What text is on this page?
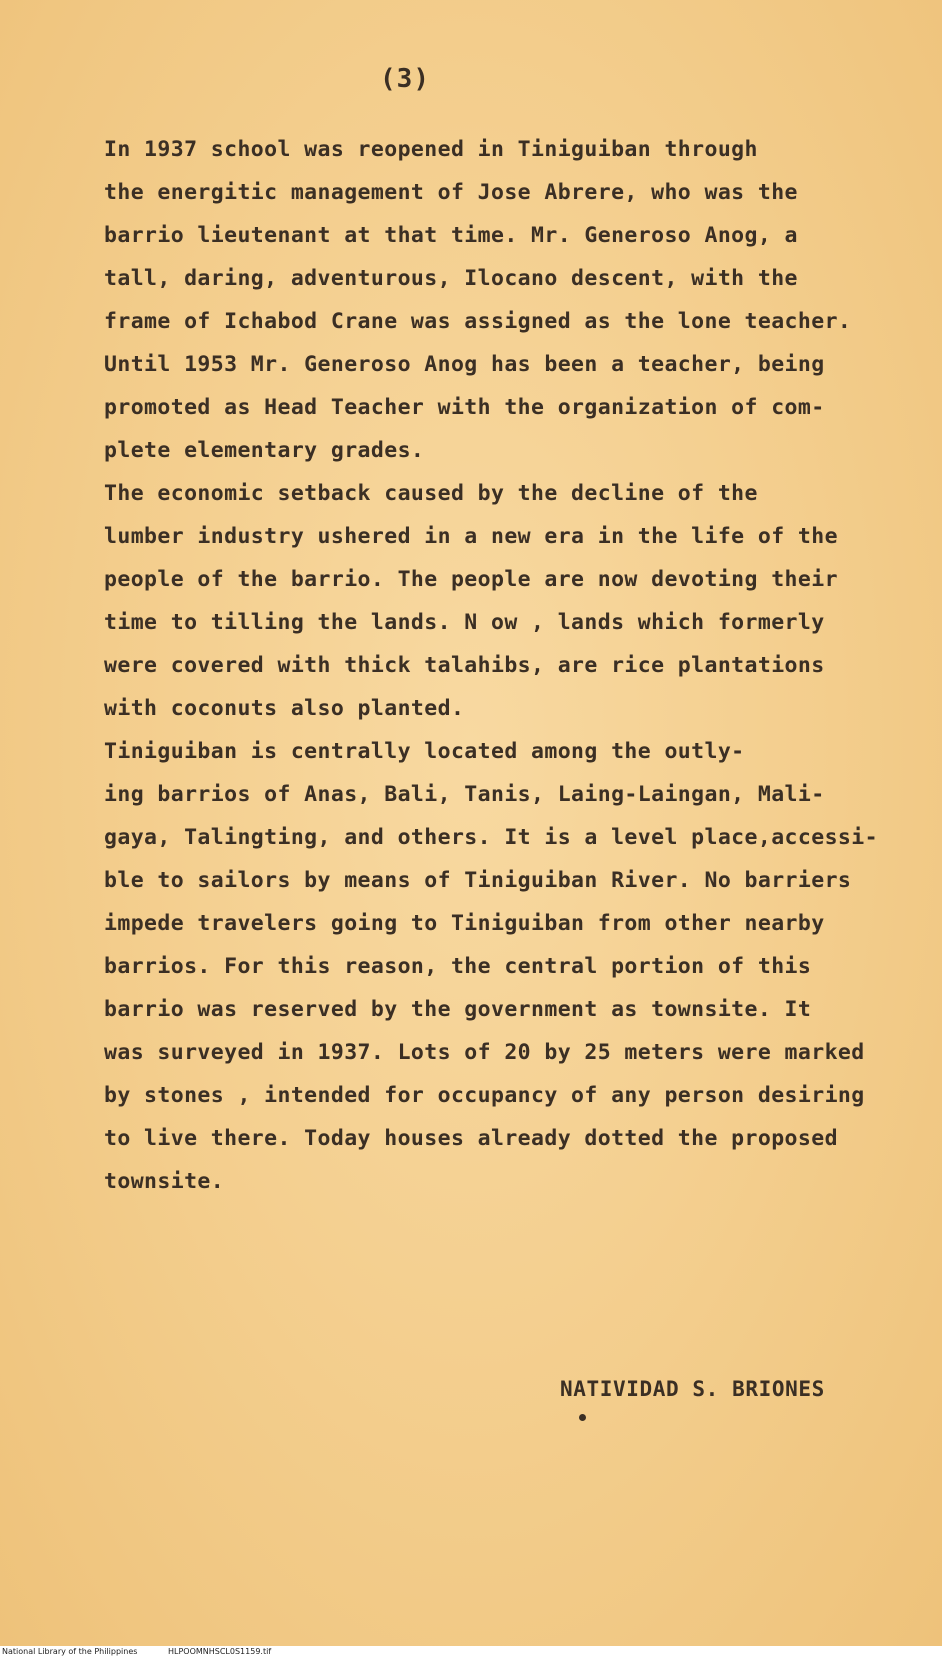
(3)
In 1937 school was reopened in Tiniguiban through
the energitic management of Jose Abrere, who was the
barrio lieutenant at that time. Mr. Generoso Anog, a
tall, daring, adventurous, Ilocano descent, with the
frame of Ichabod Crane was assigned as the lone teacher.
Until 1953 Mr. Generoso Anog has been a teacher, being
promoted as Head Teacher with the organization of com-
plete elementary grades.
The economic setback caused by the decline of the
lumber industry ushered in a new era in the life of the
people of the barrio. The people are now devoting their
time to tilling the lands. N ow , lands which formerly
were covered with thick talahibs, are rice plantations
with coconuts also planted.
Tiniguiban is centrally located among the outly-
ing barrios of Anas, Bali, Tanis, Laing-Laingan, Mali-
gaya, Talingting, and others. It is a level place,accessi-
ble to sailors by means of Tiniguiban River. No barriers
impede travelers going to Tiniguiban from other nearby
barrios. For this reason, the central portion of this
barrio was reserved by the government as townsite. It
was surveyed in 1937. Lots of 20 by 25 meters were marked
by stones , intended for occupancy of any person desiring
to live there. Today houses already dotted the proposed
townsite.
NATIVIDAD S. BRIONES
National Library of the Philippines	HLPOOMNHSCL0S1159.tif
